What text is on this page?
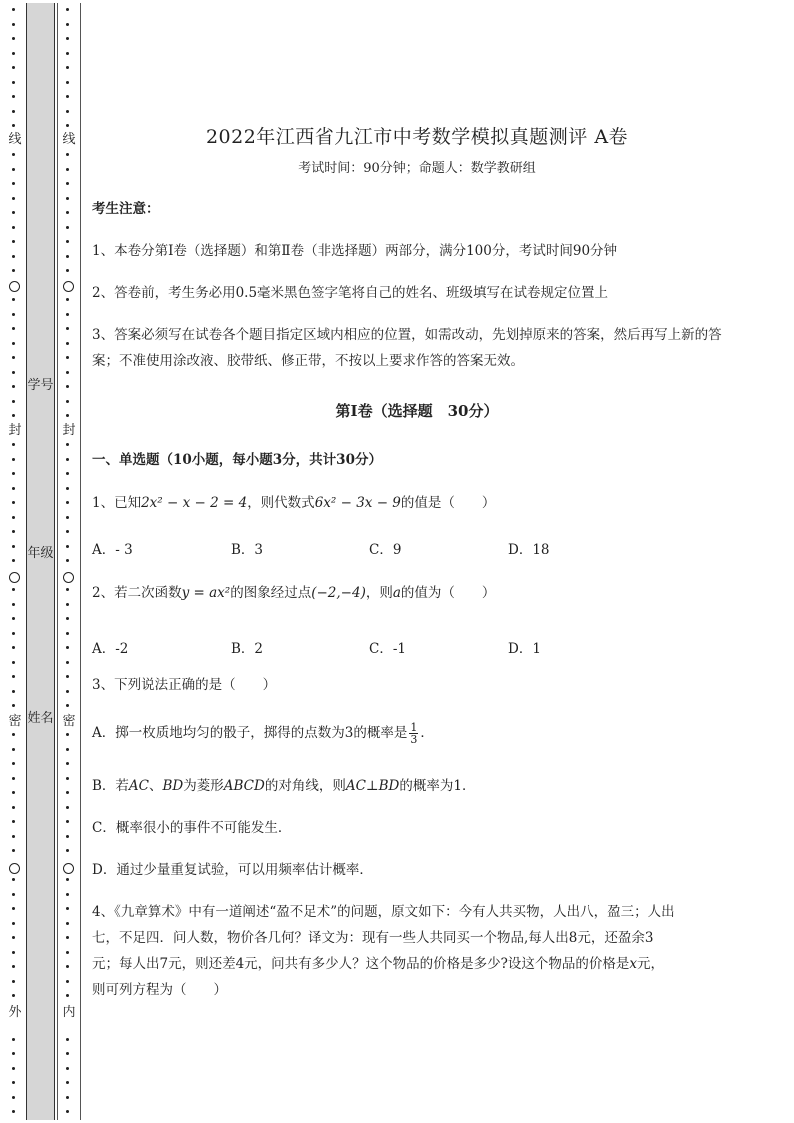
线
封
密
外
学号
年级
姓名
线
封
密
内
2022年江西省九江市中考数学模拟真题测评 A卷
考试时间：90分钟；命题人：数学教研组
考生注意：
1、本卷分第I卷（选择题）和第Ⅱ卷（非选择题）两部分，满分100分，考试时间90分钟
2、答卷前，考生务必用0.5毫米黑色签字笔将自己的姓名、班级填写在试卷规定位置上
3、答案必须写在试卷各个题目指定区域内相应的位置，如需改动，先划掉原来的答案，然后再写上新的答案；不准使用涂改液、胶带纸、修正带，不按以上要求作答的答案无效。
第I卷（选择题　30分）
一、单选题（10小题，每小题3分，共计30分）
1、已知2x² − x − 2 = 4，则代数式6x² − 3x − 9的值是（　　）
A．- 3	B．3	C．9	D．18
2、若二次函数y = ax²的图象经过点(−2,−4)，则a的值为（　　）
A．-2	B．2	C．-1	D．1
3、下列说法正确的是（　　）
A．掷一枚质地均匀的骰子，掷得的点数为3的概率是 $\frac{1}{3}$ ．
B．若AC、BD为菱形ABCD的对角线，则AC⊥BD的概率为1．
C．概率很小的事件不可能发生．
D．通过少量重复试验，可以用频率估计概率．
4、《九章算术》中有一道阐述“盈不足术”的问题，原文如下：今有人共买物，人出八，盈三；人出
七，不足四．问人数，物价各几何？译文为：现有一些人共同买一个物品,每人出8元，还盈余3
元；每人出7元，则还差4元，问共有多少人？这个物品的价格是多少?设这个物品的价格是x元，
则可列方程为（　　）
